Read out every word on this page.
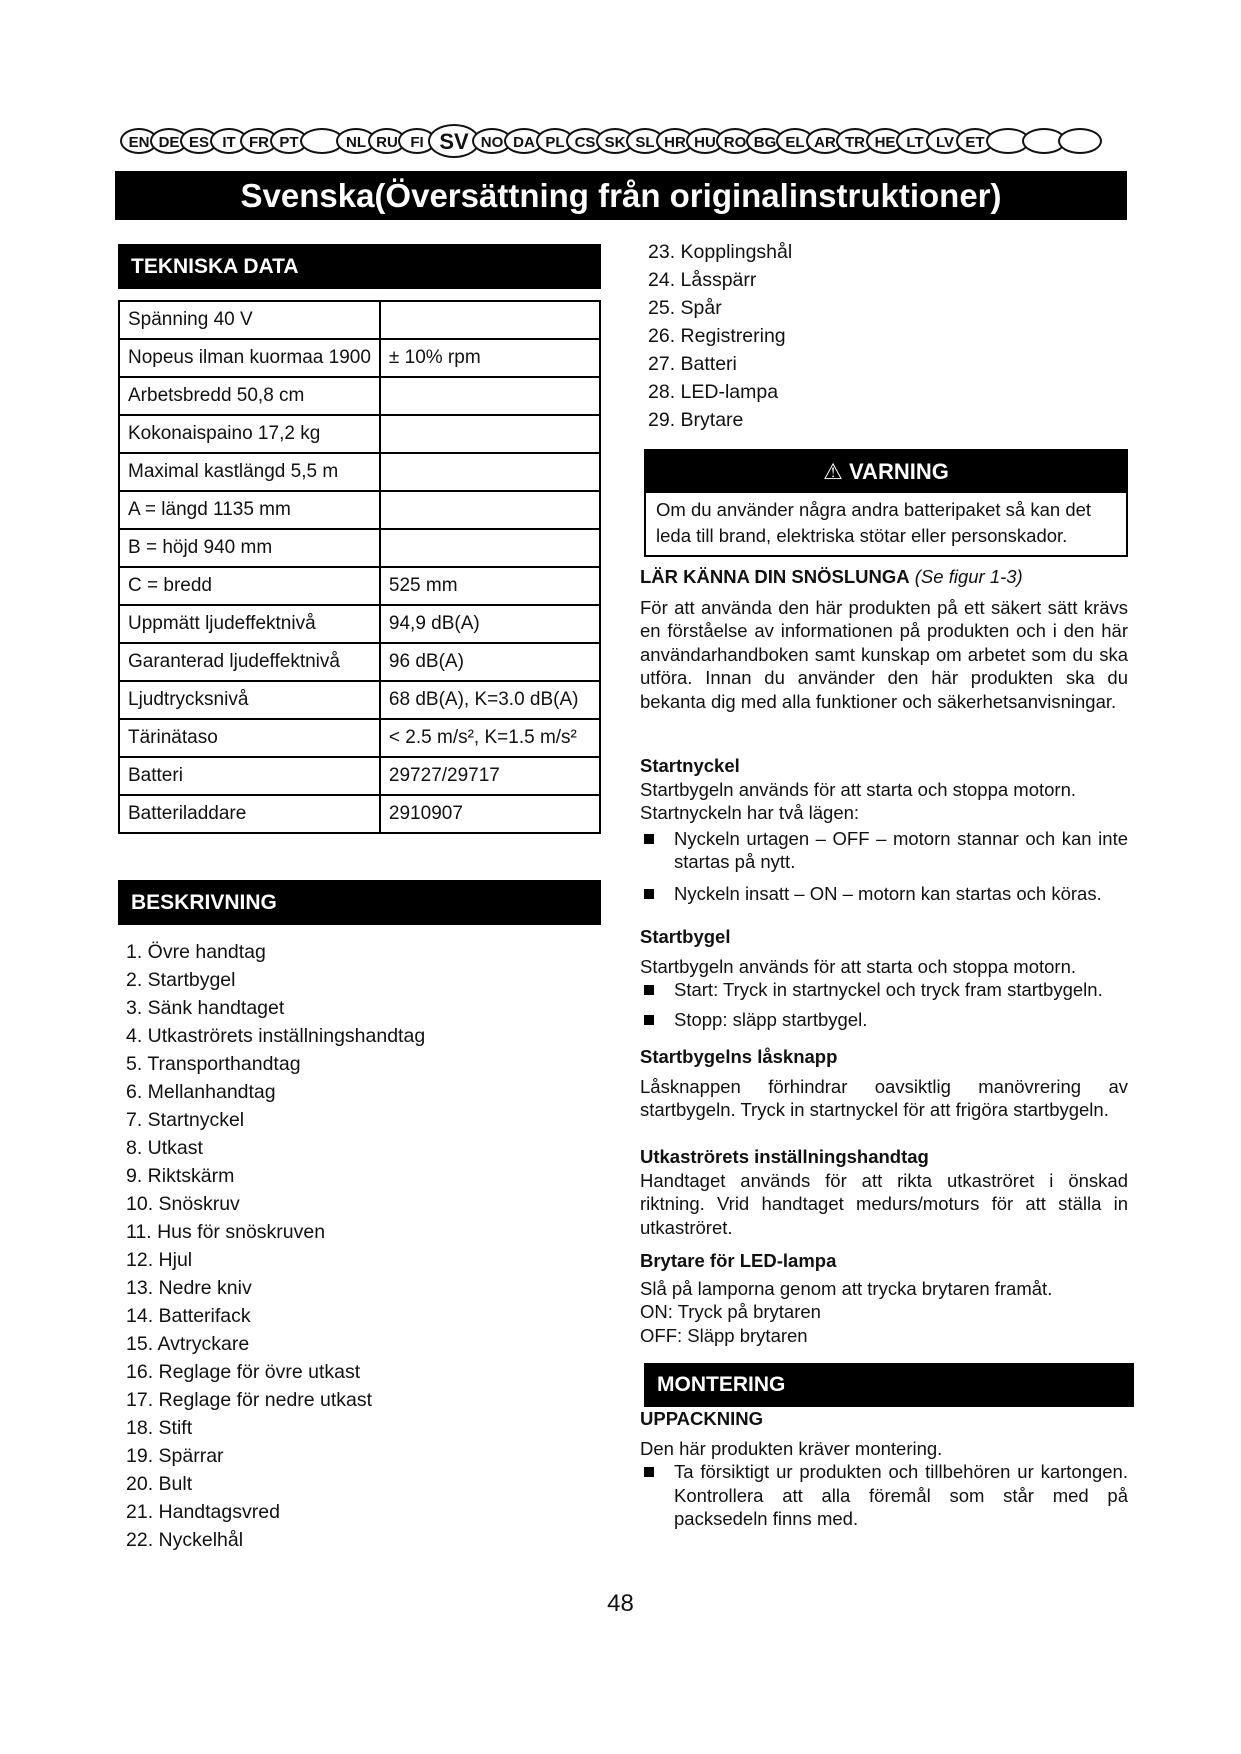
EN DE ES IT FR PT	NL RU FI SV NO DA PL CS SK SL HR HU RO BG EL AR TR HE LT LV ET
Svenska(Översättning från originalinstruktioner)
TEKNISKA DATA
Spänning 40 V	
Nopeus ilman kuormaa 1900	± 10% rpm
Arbetsbredd 50,8 cm	
Kokonaispaino 17,2 kg	
Maximal kastlängd 5,5 m	
A = längd 1135 mm	
B = höjd 940 mm	
C = bredd	525 mm
Uppmätt ljudeffektnivå	94,9 dB(A)
Garanterad ljudeffektnivå	96 dB(A)
Ljudtrycksnivå	68 dB(A), K=3.0 dB(A)
Tärinätaso	< 2.5 m/s², K=1.5 m/s²
Batteri	29727/29717
Batteriladdare	2910907
BESKRIVNING
1. Övre handtag
2. Startbygel
3. Sänk handtaget
4. Utkaströrets inställningshandtag
5. Transporthandtag
6. Mellanhandtag
7. Startnyckel
8. Utkast
9. Riktskärm
10. Snöskruv
11. Hus för snöskruven
12. Hjul
13. Nedre kniv
14. Batterifack
15. Avtryckare
16. Reglage för övre utkast
17. Reglage för nedre utkast
18. Stift
19. Spärrar
20. Bult
21. Handtagsvred
22. Nyckelhål
23. Kopplingshål
24. Låsspärr
25. Spår
26. Registrering
27. Batteri
28. LED-lampa
29. Brytare
⚠ VARNING
Om du använder några andra batteripaket så kan det leda till brand, elektriska stötar eller personskador.
LÄR KÄNNA DIN SNÖSLUNGA (Se figur 1-3)
För att använda den här produkten på ett säkert sätt krävs en förståelse av informationen på produkten och i den här användarhandboken samt kunskap om arbetet som du ska utföra. Innan du använder den här produkten ska du bekanta dig med alla funktioner och säkerhetsanvisningar.
Startnyckel
Startbygeln används för att starta och stoppa motorn. Startnyckeln har två lägen:
Nyckeln urtagen – OFF – motorn stannar och kan inte startas på nytt.
Nyckeln insatt – ON – motorn kan startas och köras.
Startbygel
Startbygeln används för att starta och stoppa motorn.
Start: Tryck in startnyckel och tryck fram startbygeln.
Stopp: släpp startbygel.
Startbygelns låsknapp
Låsknappen förhindrar oavsiktlig manövrering av startbygeln. Tryck in startnyckel för att frigöra startbygeln.
Utkaströrets inställningshandtag
Handtaget används för att rikta utkaströret i önskad riktning. Vrid handtaget medurs/moturs för att ställa in utkaströret.
Brytare för LED-lampa
Slå på lamporna genom att trycka brytaren framåt.
ON: Tryck på brytaren
OFF: Släpp brytaren
MONTERING
UPPACKNING
Den här produkten kräver montering.
Ta försiktigt ur produkten och tillbehören ur kartongen. Kontrollera att alla föremål som står med på packsedeln finns med.
48
